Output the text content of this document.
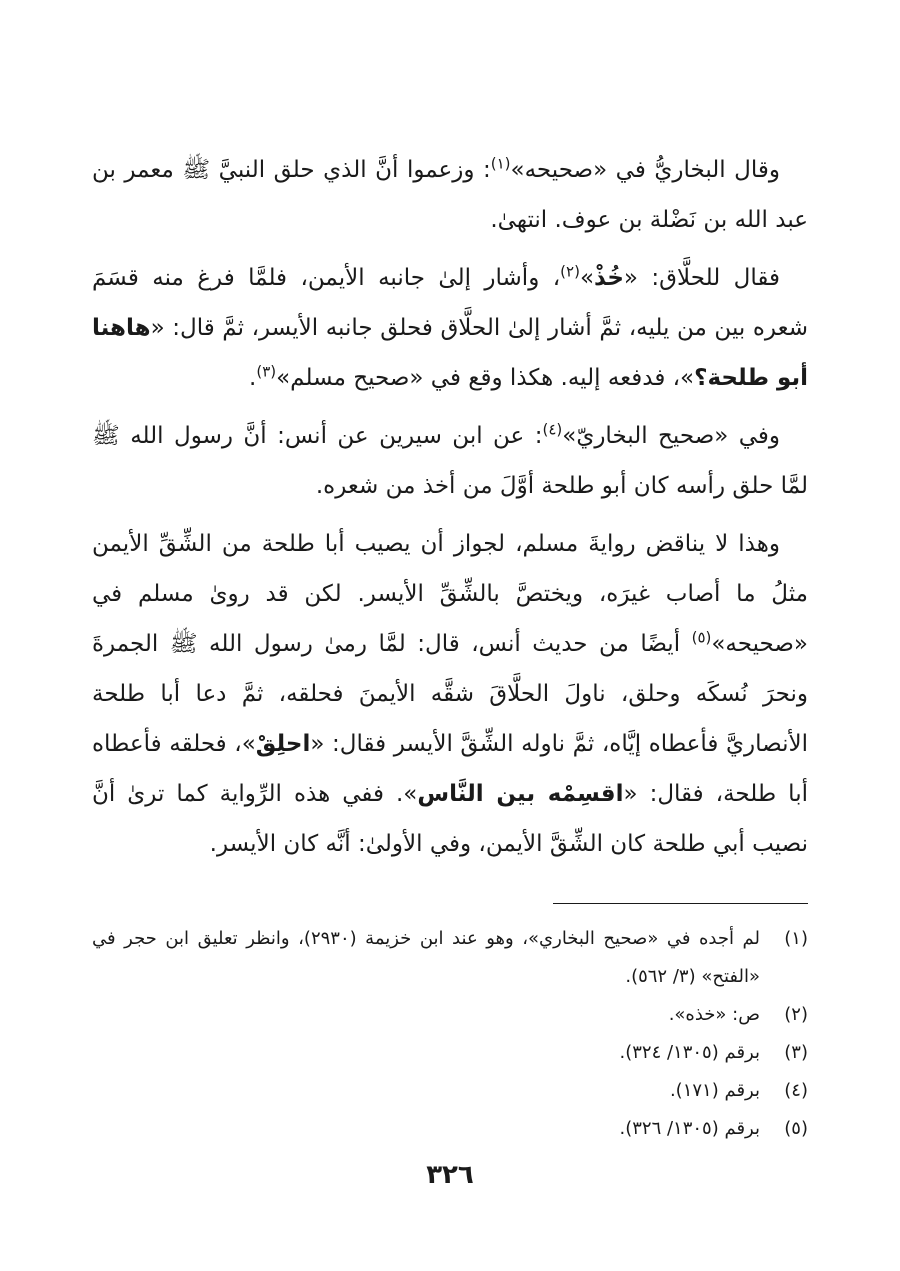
وقال البخاريُّ في «صحيحه»$^{(١)}$: وزعموا أنَّ الذي حلق النبيَّ ﷺ معمر بن عبد الله بن نَضْلة بن عوف. انتهىٰ.

فقال للحلَّاق: «خُذْ»$^{(٢)}$، وأشار إلىٰ جانبه الأيمن، فلمَّا فرغ منه قسَمَ شعره بين من يليه، ثمَّ أشار إلىٰ الحلَّاق فحلق جانبه الأيسر، ثمَّ قال: «هاهنا أبو طلحة؟»، فدفعه إليه. هكذا وقع في «صحيح مسلم»$^{(٣)}$.

وفي «صحيح البخاريّ»$^{(٤)}$: عن ابن سيرين عن أنس: أنَّ رسول الله ﷺ لمَّا حلق رأسه كان أبو طلحة أوَّلَ من أخذ من شعره.

وهذا لا يناقض روايةَ مسلم، لجواز أن يصيب أبا طلحة من الشِّقِّ الأيمن مثلُ ما أصاب غيرَه، ويختصَّ بالشِّقِّ الأيسر. لكن قد روىٰ مسلم في «صحيحه»$^{(٥)}$ أيضًا من حديث أنس، قال: لمَّا رمىٰ رسول الله ﷺ الجمرةَ ونحرَ نُسكَه وحلق، ناولَ الحلَّاقَ شقَّه الأيمنَ فحلقه، ثمَّ دعا أبا طلحة الأنصاريَّ فأعطاه إيَّاه، ثمَّ ناوله الشِّقَّ الأيسر فقال: «احلِقْ»، فحلقه فأعطاه أبا طلحة، فقال: «اقسِمْه بين النَّاس». ففي هذه الرِّواية كما ترىٰ أنَّ نصيب أبي طلحة كان الشِّقَّ الأيمن، وفي الأولىٰ: أنَّه كان الأيسر.

(١)
لم أجده في «صحيح البخاري»، وهو عند ابن خزيمة (٢٩٣٠)، وانظر تعليق ابن حجر في «الفتح» (٣/ ٥٦٢).
(٢)
ص: «خذه».
(٣)
برقم (١٣٠٥/ ٣٢٤).
(٤)
برقم (١٧١).
(٥)
برقم (١٣٠٥/ ٣٢٦).
٣٢٦
